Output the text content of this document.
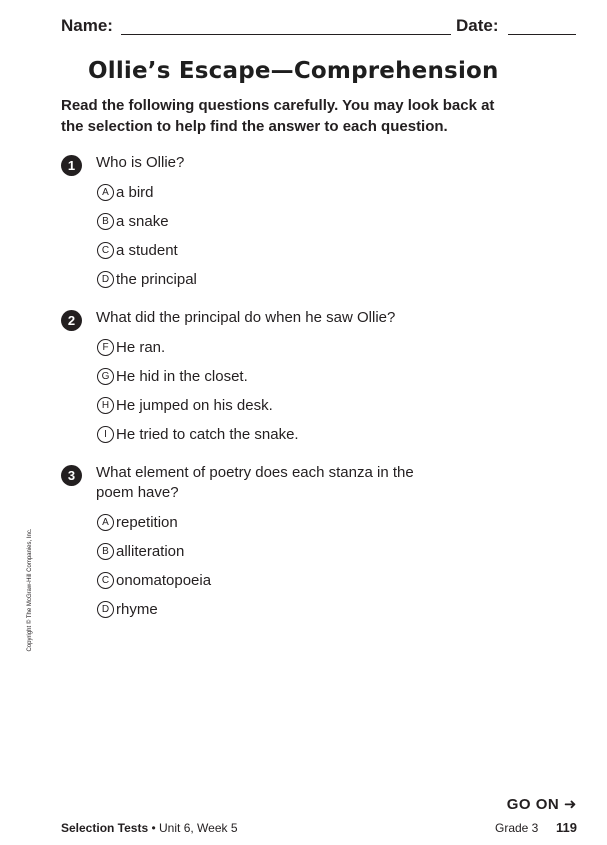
Name:	Date:
Ollie’s Escape—Comprehension

Read the following questions carefully. You may look back at the selection to help find the answer to each question.

1	Who is Ollie?

A a bird
B a snake
C a student
D the principal
2	What did the principal do when he saw Ollie?

F He ran.
G He hid in the closet.
H He jumped on his desk.
I He tried to catch the snake.
3	What element of poetry does each stanza in the poem have?

A repetition
B alliteration
C onomatopoeia
D rhyme
Copyright © The McGraw-Hill Companies, Inc.
GO ON ➜
Selection Tests • Unit 6, Week 5	Grade 3 119
